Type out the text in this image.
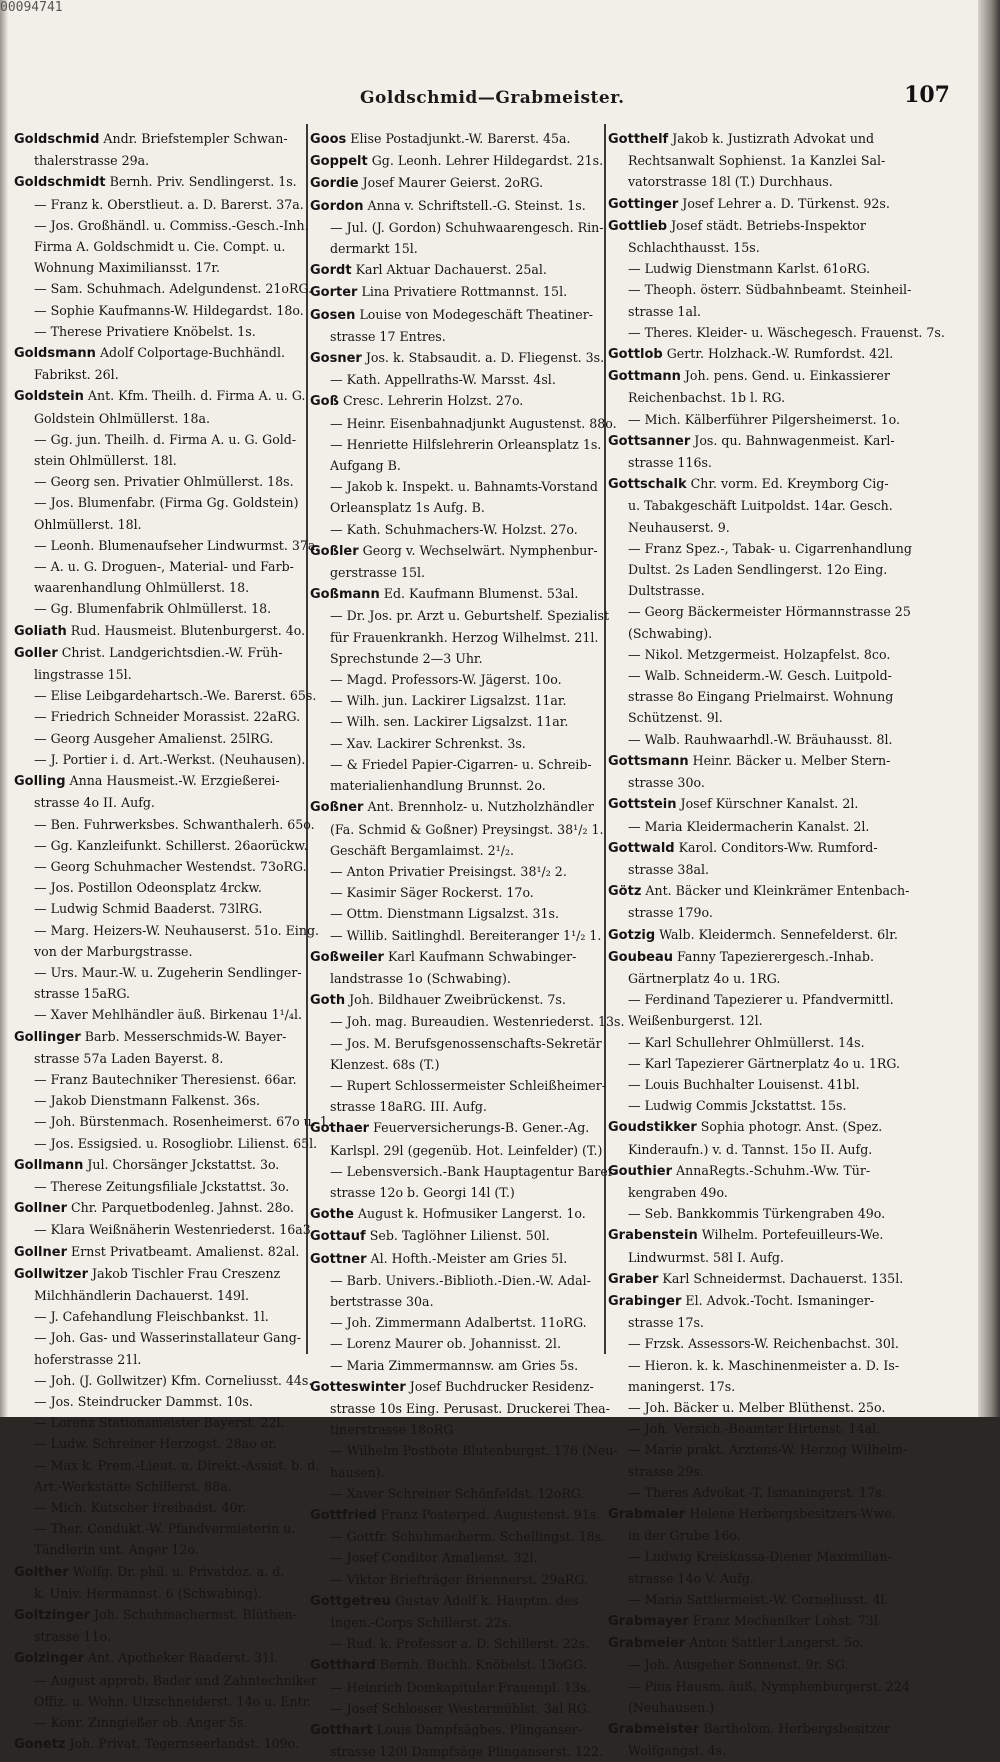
00094741
Goldschmid—Grabmeister.	107
Goldschmid Andr. Briefstempler Schwan-
thalerstrasse 29a.
Goldschmidt Bernh. Priv. Sendlingerst. 1s.
— Franz k. Oberstlieut. a. D. Barerst. 37a.
— Jos. Großhändl. u. Commiss.-Gesch.-Inh.
Firma A. Goldschmidt u. Cie. Compt. u.
Wohnung Maximiliansst. 17r.
— Sam. Schuhmach. Adelgundenst. 21oRG.
— Sophie Kaufmanns-W. Hildegardst. 18o.
— Therese Privatiere Knöbelst. 1s.
Goldsmann Adolf Colportage-Buchhändl.
Fabrikst. 26l.
Goldstein Ant. Kfm. Theilh. d. Firma A. u. G.
Goldstein Ohlmüllerst. 18a.
— Gg. jun. Theilh. d. Firma A. u. G. Gold-
stein Ohlmüllerst. 18l.
— Georg sen. Privatier Ohlmüllerst. 18s.
— Jos. Blumenfabr. (Firma Gg. Goldstein)
Ohlmüllerst. 18l.
— Leonh. Blumenaufseher Lindwurmst. 37a.
— A. u. G. Droguen-, Material- und Farb-
waarenhandlung Ohlmüllerst. 18.
— Gg. Blumenfabrik Ohlmüllerst. 18.
Goliath Rud. Hausmeist. Blutenburgerst. 4o.
Goller Christ. Landgerichtsdien.-W. Früh-
lingstrasse 15l.
— Elise Leibgardehartsch.-We. Barerst. 65s.
— Friedrich Schneider Morassist. 22aRG.
— Georg Ausgeher Amalienst. 25lRG.
— J. Portier i. d. Art.-Werkst. (Neuhausen).
Golling Anna Hausmeist.-W. Erzgießerei-
strasse 4o II. Aufg.
— Ben. Fuhrwerksbes. Schwanthalerh. 65o.
— Gg. Kanzleifunkt. Schillerst. 26aorückw.
— Georg Schuhmacher Westendst. 73oRG.
— Jos. Postillon Odeonsplatz 4rckw.
— Ludwig Schmid Baaderst. 73lRG.
— Marg. Heizers-W. Neuhauserst. 51o. Eing.
von der Marburgstrasse.
— Urs. Maur.-W. u. Zugeherin Sendlinger-
strasse 15aRG.
— Xaver Mehlhändler äuß. Birkenau 1¹/₄l.
Gollinger Barb. Messerschmids-W. Bayer-
strasse 57a Laden Bayerst. 8.
— Franz Bautechniker Theresienst. 66ar.
— Jakob Dienstmann Falkenst. 36s.
— Joh. Bürstenmach. Rosenheimerst. 67o u. 1.
— Jos. Essigsied. u. Rosogliobr. Lilienst. 65l.
Gollmann Jul. Chorsänger Jckstattst. 3o.
— Therese Zeitungsfiliale Jckstattst. 3o.
Gollner Chr. Parquetbodenleg. Jahnst. 28o.
— Klara Weißnäherin Westenriederst. 16a3.
Gollner Ernst Privatbeamt. Amalienst. 82al.
Gollwitzer Jakob Tischler Frau Creszenz
Milchhändlerin Dachauerst. 149l.
— J. Cafehandlung Fleischbankst. 1l.
— Joh. Gas- und Wasserinstallateur Gang-
hoferstrasse 21l.
— Joh. (J. Gollwitzer) Kfm. Corneliusst. 44s.
— Jos. Steindrucker Dammst. 10s.
— Lorenz Stationsmeister Bayerst. 22l.
— Ludw. Schreiner Herzogst. 28ao or.
— Max k. Prem.-Lieut. u. Direkt.-Assist. b. d.
Art.-Werkstätte Schillerst. 88a.
— Mich. Kutscher Freibadst. 40r.
— Ther. Condukt.-W. Pfandvermieterin u.
Tändlerin unt. Anger 12o.
Golther Wolfg. Dr. phil. u. Privatdoz. a. d.
k. Univ. Hermannst. 6 (Schwabing).
Goltzinger Joh. Schuhmachermst. Blüthen-
strasse 11o.
Golzinger Ant. Apotheker Baaderst. 31l.
— August approb. Bader und Zahntechniker
Offiz. u. Wohn. Utzschneiderst. 14o u. Entr.
— Konr. Zinngießer ob. Anger 5s.
Gonetz Joh. Privat. Tegernseerlandst. 109o.
Goos Elise Postadjunkt.-W. Barerst. 45a.
Goppelt Gg. Leonh. Lehrer Hildegardst. 21s.
Gordie Josef Maurer Geierst. 2oRG.
Gordon Anna v. Schriftstell.-G. Steinst. 1s.
— Jul. (J. Gordon) Schuhwaarengesch. Rin-
dermarkt 15l.
Gordt Karl Aktuar Dachauerst. 25al.
Gorter Lina Privatiere Rottmannst. 15l.
Gosen Louise von Modegeschäft Theatiner-
strasse 17 Entres.
Gosner Jos. k. Stabsaudit. a. D. Fliegenst. 3s.
— Kath. Appellraths-W. Marsst. 4sl.
Goß Cresc. Lehrerin Holzst. 27o.
— Heinr. Eisenbahnadjunkt Augustenst. 88o.
— Henriette Hilfslehrerin Orleansplatz 1s.
Aufgang B.
— Jakob k. Inspekt. u. Bahnamts-Vorstand
Orleansplatz 1s Aufg. B.
— Kath. Schuhmachers-W. Holzst. 27o.
Goßler Georg v. Wechselwärt. Nymphenbur-
gerstrasse 15l.
Goßmann Ed. Kaufmann Blumenst. 53al.
— Dr. Jos. pr. Arzt u. Geburtshelf. Spezialist
für Frauenkrankh. Herzog Wilhelmst. 21l.
Sprechstunde 2—3 Uhr.
— Magd. Professors-W. Jägerst. 10o.
— Wilh. jun. Lackirer Ligsalzst. 11ar.
— Wilh. sen. Lackirer Ligsalzst. 11ar.
— Xav. Lackirer Schrenkst. 3s.
— & Friedel Papier-Cigarren- u. Schreib-
materialienhandlung Brunnst. 2o.
Goßner Ant. Brennholz- u. Nutzholzhändler
(Fa. Schmid & Goßner) Preysingst. 38¹/₂ 1.
Geschäft Bergamlaimst. 2¹/₂.
— Anton Privatier Preisingst. 38¹/₂ 2.
— Kasimir Säger Rockerst. 17o.
— Ottm. Dienstmann Ligsalzst. 31s.
— Willib. Saitlinghdl. Bereiteranger 1¹/₂ 1.
Goßweiler Karl Kaufmann Schwabinger-
landstrasse 1o (Schwabing).
Goth Joh. Bildhauer Zweibrückenst. 7s.
— Joh. mag. Bureaudien. Westenriederst. 13s.
— Jos. M. Berufsgenossenschafts-Sekretär
Klenzest. 68s (T.)
— Rupert Schlossermeister Schleißheimer-
strasse 18aRG. III. Aufg.
Gothaer Feuerversicherungs-B. Gener.-Ag.
Karlspl. 29l (gegenüb. Hot. Leinfelder) (T.)
— Lebensversich.-Bank Hauptagentur Barer-
strasse 12o b. Georgi 14l (T.)
Gothe August k. Hofmusiker Langerst. 1o.
Gottauf Seb. Taglöhner Lilienst. 50l.
Gottner Al. Hofth.-Meister am Gries 5l.
— Barb. Univers.-Biblioth.-Dien.-W. Adal-
bertstrasse 30a.
— Joh. Zimmermann Adalbertst. 11oRG.
— Lorenz Maurer ob. Johannisst. 2l.
— Maria Zimmermannsw. am Gries 5s.
Gotteswinter Josef Buchdrucker Residenz-
strasse 10s Eing. Perusast. Druckerei Thea-
tinerstrasse 18oRG
— Wilhelm Postbote Blutenburgst. 176 (Neu-
hausen).
— Xaver Schreiner Schönfeldst. 12oRG.
Gottfried Franz Posterped. Augustenst. 91s.
— Gottfr. Schuhmacherm. Schellingst. 18s.
— Josef Conditor Amalienst. 32l.
— Viktor Briefträger Briennerst. 29aRG.
Gottgetreu Gustav Adolf k. Hauptm. des
Ingen.-Corps Schillerst. 22s.
— Rud. k. Professor a. D. Schillerst. 22s.
Gotthard Bernh. Buchh. Knöbelst. 13oGG.
— Heinrich Domkapitular Frauenpl. 13s.
— Josef Schlosser Westermühlst. 3al RG.
Gotthart Louis Dampfsägbes. Plinganser-
strasse 120l Dampfsäge Plinganserst. 122.
Gotthelf Jakob k. Justizrath Advokat und
Rechtsanwalt Sophienst. 1a Kanzlei Sal-
vatorstrasse 18l (T.) Durchhaus.
Gottinger Josef Lehrer a. D. Türkenst. 92s.
Gottlieb Josef städt. Betriebs-Inspektor
Schlachthausst. 15s.
— Ludwig Dienstmann Karlst. 61oRG.
— Theoph. österr. Südbahnbeamt. Steinheil-
strasse 1al.
— Theres. Kleider- u. Wäschegesch. Frauenst. 7s.
Gottlob Gertr. Holzhack.-W. Rumfordst. 42l.
Gottmann Joh. pens. Gend. u. Einkassierer
Reichenbachst. 1b l. RG.
— Mich. Kälberführer Pilgersheimerst. 1o.
Gottsanner Jos. qu. Bahnwagenmeist. Karl-
strasse 116s.
Gottschalk Chr. vorm. Ed. Kreymborg Cig-
u. Tabakgeschäft Luitpoldst. 14ar. Gesch.
Neuhauserst. 9.
— Franz Spez.-, Tabak- u. Cigarrenhandlung
Dultst. 2s Laden Sendlingerst. 12o Eing.
Dultstrasse.
— Georg Bäckermeister Hörmannstrasse 25
(Schwabing).
— Nikol. Metzgermeist. Holzapfelst. 8co.
— Walb. Schneiderm.-W. Gesch. Luitpold-
strasse 8o Eingang Prielmairst. Wohnung
Schützenst. 9l.
— Walb. Rauhwaarhdl.-W. Bräuhausst. 8l.
Gottsmann Heinr. Bäcker u. Melber Stern-
strasse 30o.
Gottstein Josef Kürschner Kanalst. 2l.
— Maria Kleidermacherin Kanalst. 2l.
Gottwald Karol. Conditors-Ww. Rumford-
strasse 38al.
Götz Ant. Bäcker und Kleinkrämer Entenbach-
strasse 179o.
Gotzig Walb. Kleidermch. Sennefelderst. 6lr.
Goubeau Fanny Tapezierergesch.-Inhab.
Gärtnerplatz 4o u. 1RG.
— Ferdinand Tapezierer u. Pfandvermittl.
Weißenburgerst. 12l.
— Karl Schullehrer Ohlmüllerst. 14s.
— Karl Tapezierer Gärtnerplatz 4o u. 1RG.
— Louis Buchhalter Louisenst. 41bl.
— Ludwig Commis Jckstattst. 15s.
Goudstikker Sophia photogr. Anst. (Spez.
Kinderaufn.) v. d. Tannst. 15o II. Aufg.
Gouthier AnnaRegts.-Schuhm.-Ww. Tür-
kengraben 49o.
— Seb. Bankkommis Türkengraben 49o.
Grabenstein Wilhelm. Portefeuilleurs-We.
Lindwurmst. 58l I. Aufg.
Graber Karl Schneidermst. Dachauerst. 135l.
Grabinger El. Advok.-Tocht. Ismaninger-
strasse 17s.
— Frzsk. Assessors-W. Reichenbachst. 30l.
— Hieron. k. k. Maschinenmeister a. D. Is-
maningerst. 17s.
— Joh. Bäcker u. Melber Blüthenst. 25o.
— Joh. Versich.-Beamter Hirtenst. 14al.
— Marie prakt. Arztens-W. Herzog Wilhelm-
strasse 29s.
— Theres Advokat.-T. Ismaningerst. 17s.
Grabmaier Helene Herbergsbesitzers-Wwe.
in der Grube 16o.
— Ludwig Kreiskassa-Diener Maximilian-
strasse 14o V. Aufg.
— Maria Sattlermeist.-W. Corneliusst. 4l.
Grabmayer Franz Mechaniker Lohst. 73l.
Grabmeier Anton Sattler Langerst. 5o.
— Joh. Ausgeher Sonnenst. 9r. SG.
— Pius Hausm. äuß. Nymphenburgerst. 224
(Neuhausen.)
Grabmeister Bartholom. Herbergsbesitzer
Wolfgangst. 4s.
